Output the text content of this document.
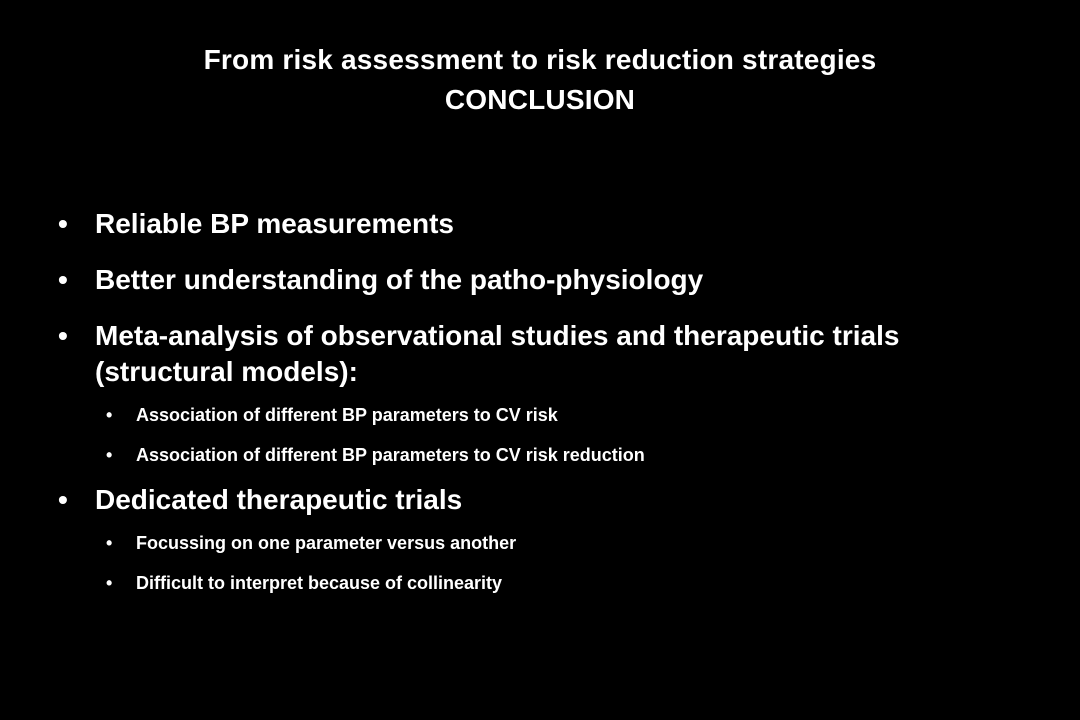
From risk assessment to risk reduction strategies
CONCLUSION
• Reliable BP measurements
• Better understanding of the patho-physiology
• Meta-analysis of observational studies and therapeutic trials (structural models):
•	Association of different BP parameters to CV risk
•	Association of different BP parameters to CV risk reduction
• Dedicated therapeutic trials
•	Focussing on one parameter versus another
•	Difficult to interpret because of collinearity
